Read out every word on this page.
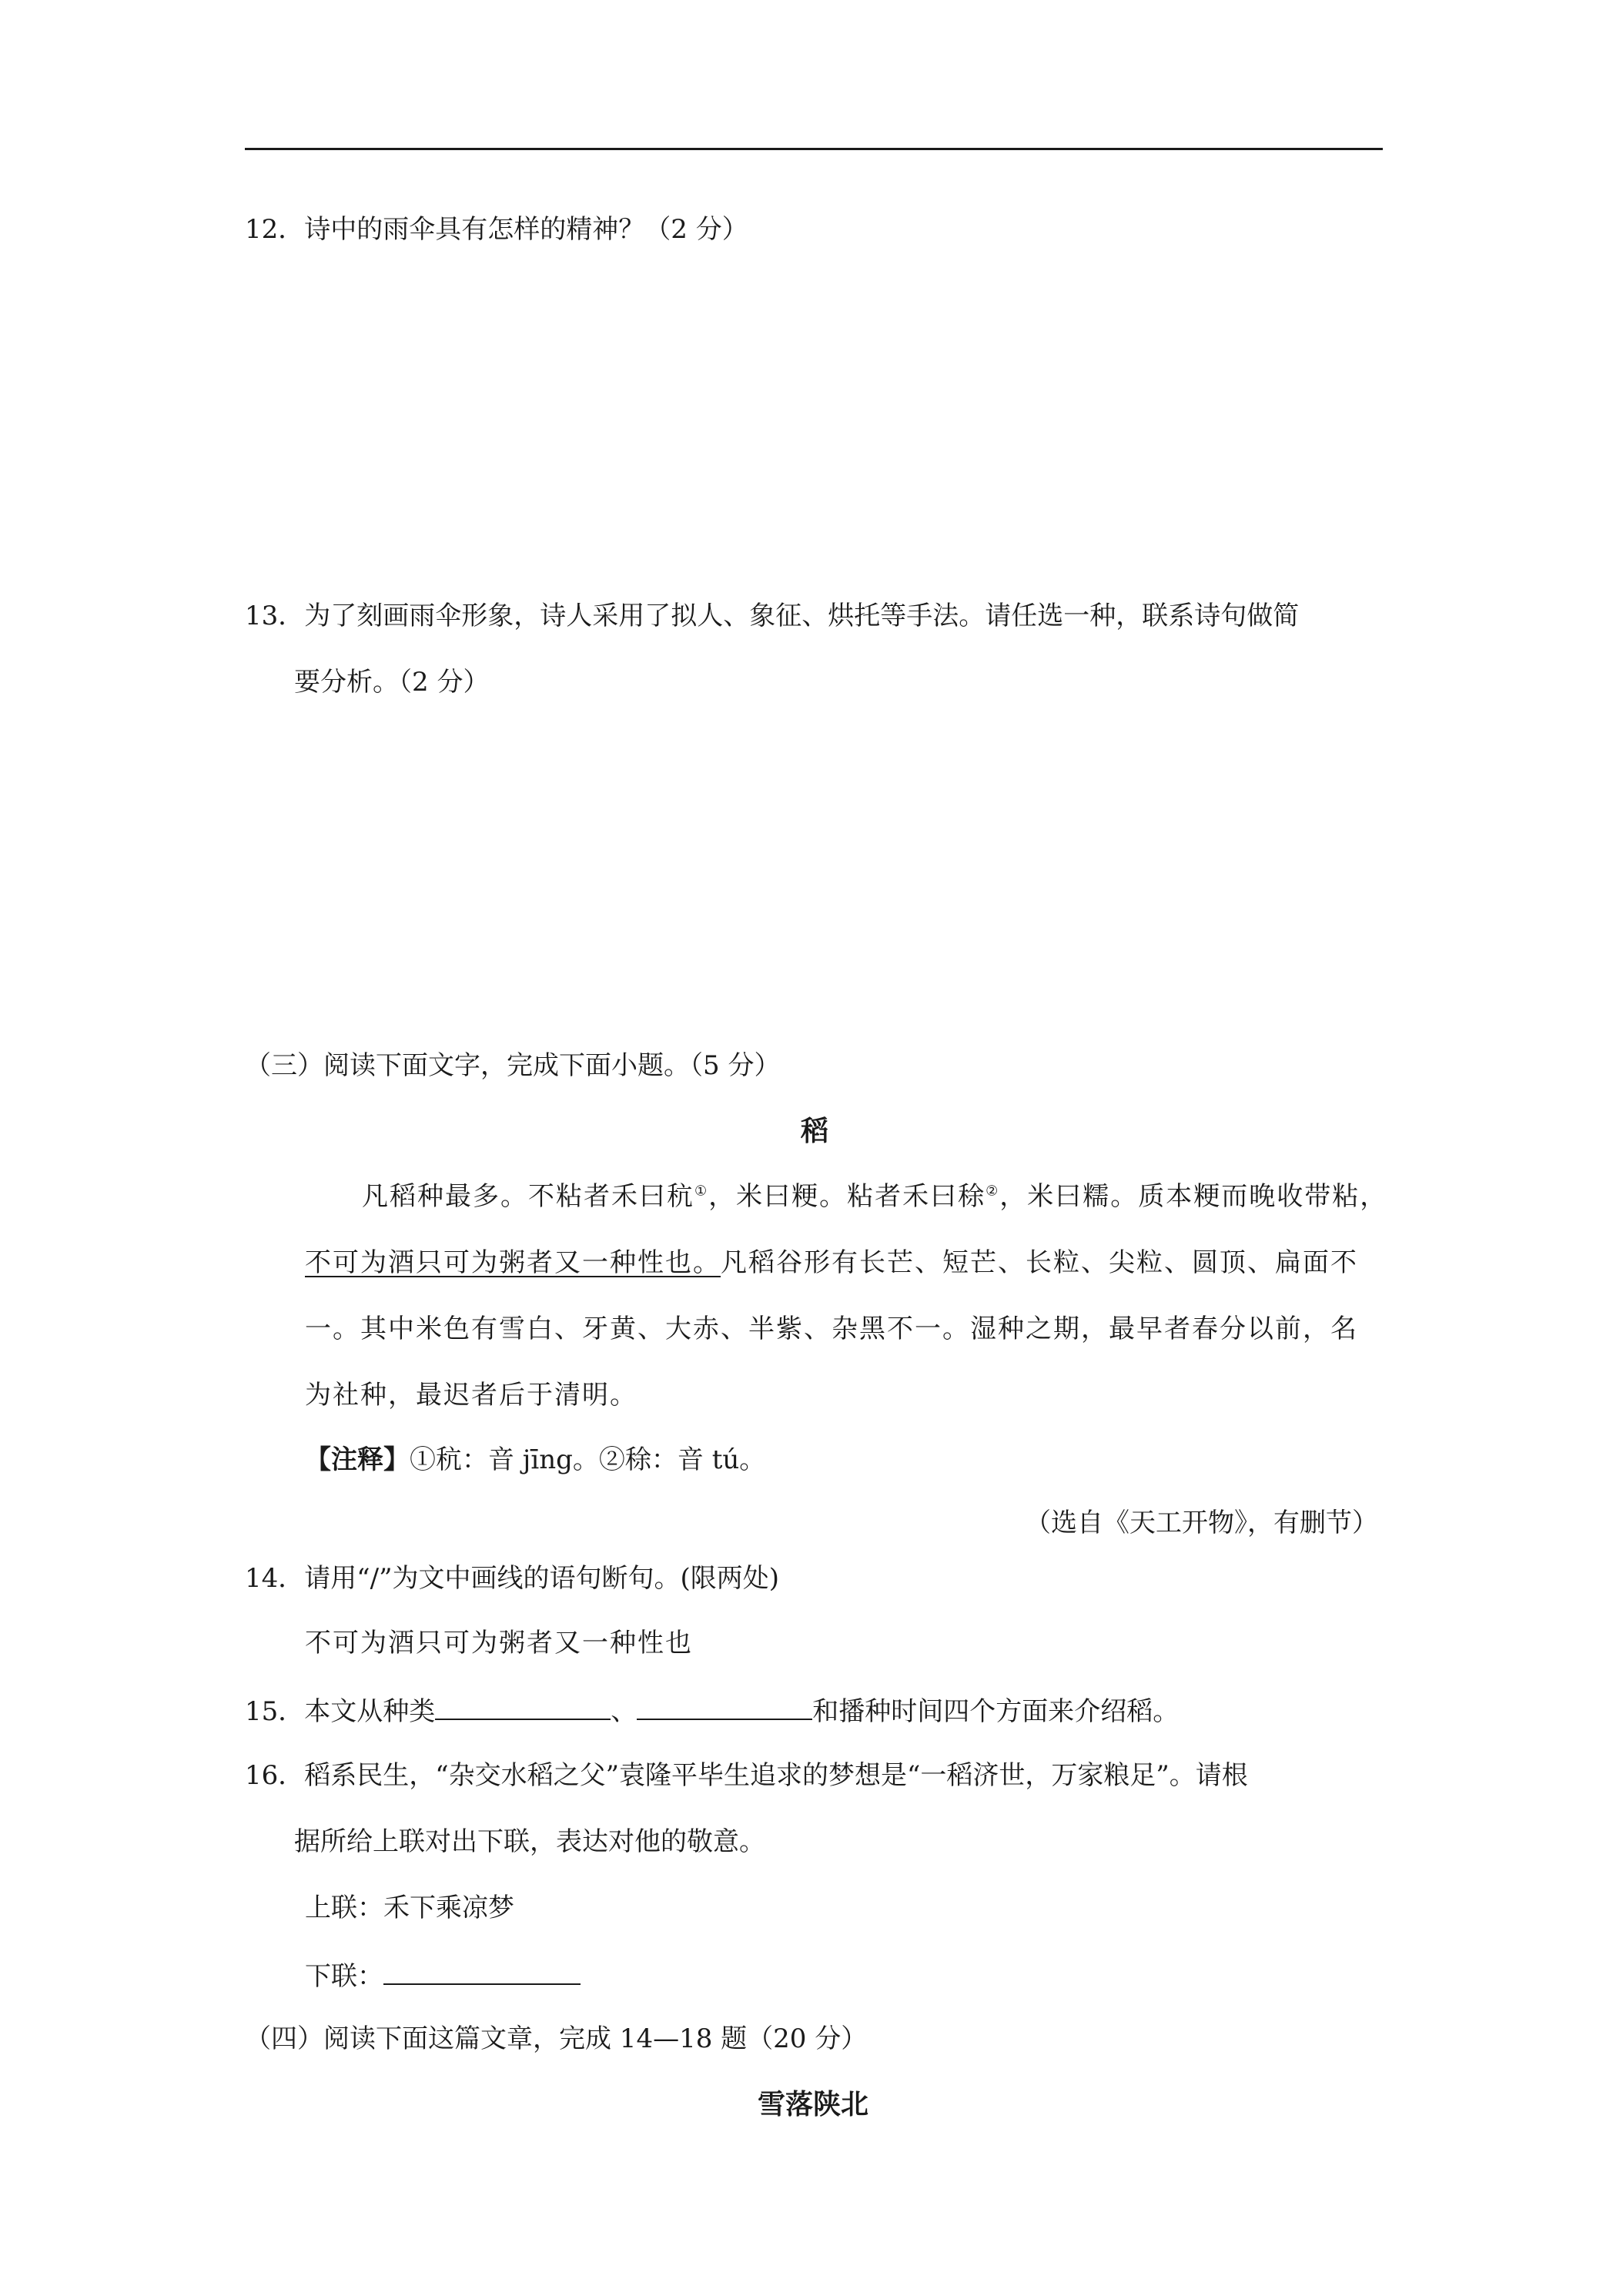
12．诗中的雨伞具有怎样的精神？（2 分）
13．为了刻画雨伞形象，诗人采用了拟人、象征、烘托等手法。请任选一种，联系诗句做简
要分析。（2 分）
（三）阅读下面文字，完成下面小题。（5 分）
稻
凡稻种最多。不粘者禾曰秔①，米曰粳。粘者禾曰稌②，米曰糯。质本粳而晚收带粘，
不可为酒只可为粥者又一种性也。凡稻谷形有长芒、短芒、长粒、尖粒、圆顶、扁面不
一。其中米色有雪白、牙黄、大赤、半紫、杂黑不一。湿种之期，最早者春分以前，名
为社种，最迟者后于清明。
【注释】①秔：音 jīng。②稌：音 tú。
（选自《天工开物》，有删节）
14．请用“/”为文中画线的语句断句。(限两处)
不可为酒只可为粥者又一种性也
15．本文从种类	、	和播种时间四个方面来介绍稻。
16．稻系民生，“杂交水稻之父”袁隆平毕生追求的梦想是“一稻济世，万家粮足”。请根
据所给上联对出下联，表达对他的敬意。
上联：禾下乘凉梦
下联：
（四）阅读下面这篇文章，完成 14—18 题（20 分）
雪落陕北
